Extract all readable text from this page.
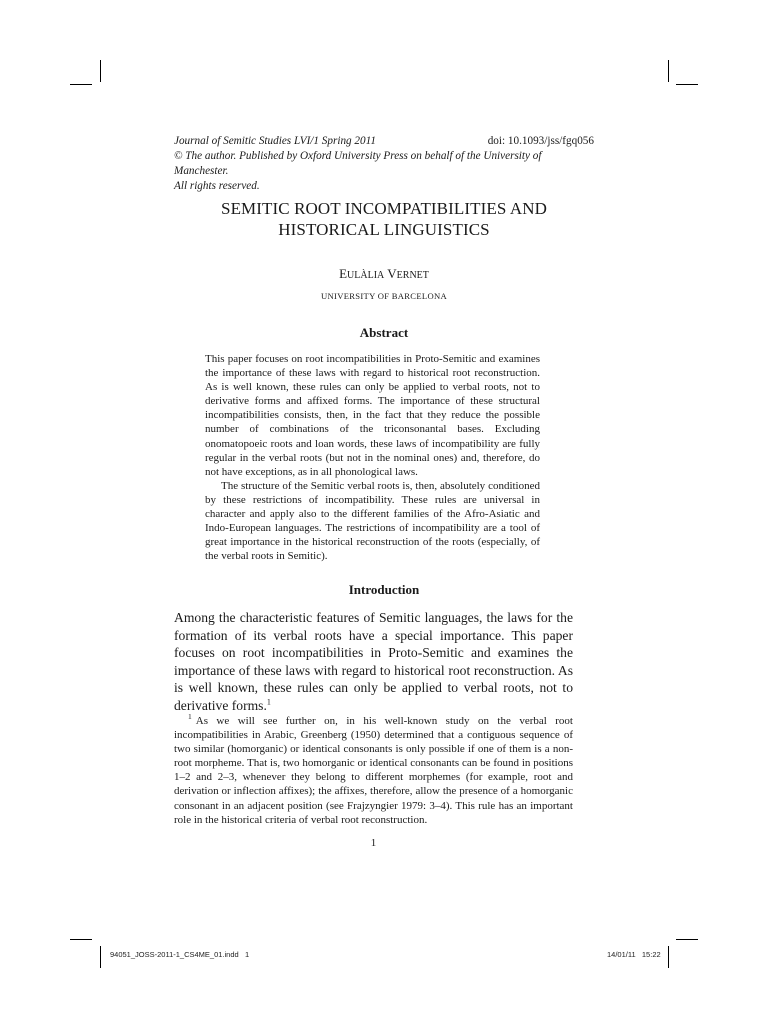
Journal of Semitic Studies LVI/1 Spring 2011	doi: 10.1093/jss/fgq056
© The author. Published by Oxford University Press on behalf of the University of Manchester.
All rights reserved.
SEMITIC ROOT INCOMPATIBILITIES AND
HISTORICAL LINGUISTICS
EULÀLIA VERNET
UNIVERSITY OF BARCELONA
Abstract

This paper focuses on root incompatibilities in Proto-Semitic and examines the importance of these laws with regard to historical root reconstruction. As is well known, these rules can only be applied to verbal roots, not to derivative forms and affixed forms. The importance of these structural incompatibilities consists, then, in the fact that they reduce the possible number of combinations of the triconsonantal bases. Excluding onomatopoeic roots and loan words, these laws of incompatibility are fully regular in the verbal roots (but not in the nominal ones) and, therefore, do not have exceptions, as in all phonological laws.

The structure of the Semitic verbal roots is, then, absolutely conditioned by these restrictions of incompatibility. These rules are universal in character and apply also to the different families of the Afro-Asiatic and Indo-European languages. The restrictions of incompatibility are a tool of great importance in the historical reconstruction of the roots (especially, of the verbal roots in Semitic).

Introduction

Among the characteristic features of Semitic languages, the laws for the formation of its verbal roots have a special importance. This paper focuses on root incompatibilities in Proto-Semitic and examines the importance of these laws with regard to historical root reconstruction. As is well known, these rules can only be applied to verbal roots, not to derivative forms.$^1$

$^1$ As we will see further on, in his well-known study on the verbal root incompatibilities in Arabic, Greenberg (1950) determined that a contiguous sequence of two similar (homorganic) or identical consonants is only possible if one of them is a non-root morpheme. That is, two homorganic or identical consonants can be found in positions 1–2 and 2–3, whenever they belong to different morphemes (for example, root and derivation or inflection affixes); the affixes, therefore, allow the presence of a homorganic consonant in an adjacent position (see Frajzyngier 1979: 3–4). This rule has an important role in the historical criteria of verbal root reconstruction.

1
94051_JOSS-2011-1_CS4ME_01.indd   1	14/01/11   15:22
